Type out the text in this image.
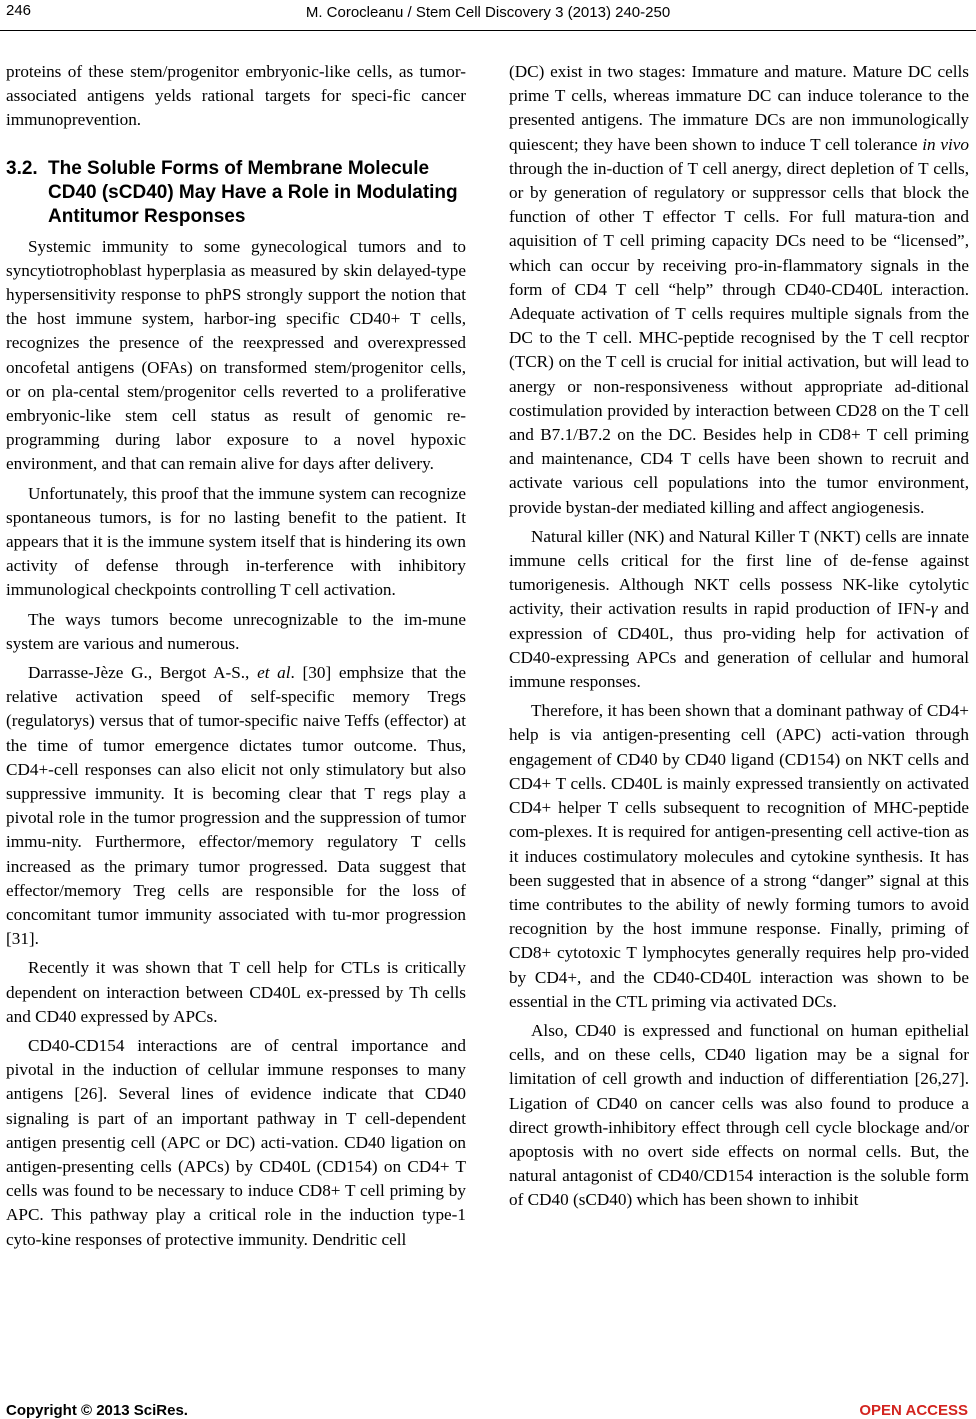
246	M. Corocleanu / Stem Cell Discovery 3 (2013) 240-250

proteins of these stem/progenitor embryonic-like cells, as tumor-associated antigens yelds rational targets for speci-fic cancer immunoprevention.

3.2. The Soluble Forms of Membrane Molecule CD40 (sCD40) May Have a Role in Modulating Antitumor Responses

Systemic immunity to some gynecological tumors and to syncytiotrophoblast hyperplasia as measured by skin delayed-type hypersensitivity response to phPS strongly support the notion that the host immune system, harbor-ing specific CD40+ T cells, recognizes the presence of the reexpressed and overexpressed oncofetal antigens (OFAs) on transformed stem/progenitor cells, or on pla-cental stem/progenitor cells reverted to a proliferative embryonic-like stem cell status as result of genomic re-programming during labor exposure to a novel hypoxic environment, and that can remain alive for days after delivery.

Unfortunately, this proof that the immune system can recognize spontaneous tumors, is for no lasting benefit to the patient. It appears that it is the immune system itself that is hindering its own activity of defense through in-terference with inhibitory immunological checkpoints controlling T cell activation.

The ways tumors become unrecognizable to the im-mune system are various and numerous.

Darrasse-Jèze G., Bergot A-S., et al. [30] emphsize that the relative activation speed of self-specific memory Tregs (regulatorys) versus that of tumor-specific naive Teffs (effector) at the time of tumor emergence dictates tumor outcome. Thus, CD4+-cell responses can also elicit not only stimulatory but also suppressive immunity. It is becoming clear that T regs play a pivotal role in the tumor progression and the suppression of tumor immu-nity. Furthermore, effector/memory regulatory T cells increased as the primary tumor progressed. Data suggest that effector/memory Treg cells are responsible for the loss of concomitant tumor immunity associated with tu-mor progression [31].

Recently it was shown that T cell help for CTLs is critically dependent on interaction between CD40L ex-pressed by Th cells and CD40 expressed by APCs.

CD40-CD154 interactions are of central importance and pivotal in the induction of cellular immune responses to many antigens [26]. Several lines of evidence indicate that CD40 signaling is part of an important pathway in T cell-dependent antigen presentig cell (APC or DC) acti-vation. CD40 ligation on antigen-presenting cells (APCs) by CD40L (CD154) on CD4+ T cells was found to be necessary to induce CD8+ T cell priming by APC. This pathway play a critical role in the induction type-1 cyto-kine responses of protective immunity. Dendritic cell

(DC) exist in two stages: Immature and mature. Mature DC cells prime T cells, whereas immature DC can induce tolerance to the presented antigens. The immature DCs are non immunologically quiescent; they have been shown to induce T cell tolerance in vivo through the in-duction of T cell anergy, direct depletion of T cells, or by generation of regulatory or suppressor cells that block the function of other T effector T cells. For full matura-tion and aquisition of T cell priming capacity DCs need to be “licensed”, which can occur by receiving pro-in-flammatory signals in the form of CD4 T cell “help” through CD40-CD40L interaction. Adequate activation of T cells requires multiple signals from the DC to the T cell. MHC-peptide recognised by the T cell recptor (TCR) on the T cell is crucial for initial activation, but will lead to anergy or non-responsiveness without appropriate ad-ditional costimulation provided by interaction between CD28 on the T cell and B7.1/B7.2 on the DC. Besides help in CD8+ T cell priming and maintenance, CD4 T cells have been shown to recruit and activate various cell populations into the tumor environment, provide bystan-der mediated killing and affect angiogenesis.

Natural killer (NK) and Natural Killer T (NKT) cells are innate immune cells critical for the first line of de-fense against tumorigenesis. Although NKT cells possess NK-like cytolytic activity, their activation results in rapid production of IFN-γ and expression of CD40L, thus pro-viding help for activation of CD40-expressing APCs and generation of cellular and humoral immune responses.

Therefore, it has been shown that a dominant pathway of CD4+ help is via antigen-presenting cell (APC) acti-vation through engagement of CD40 by CD40 ligand (CD154) on NKT cells and CD4+ T cells. CD40L is mainly expressed transiently on activated CD4+ helper T cells subsequent to recognition of MHC-peptide com-plexes. It is required for antigen-presenting cell active-tion as it induces costimulatory molecules and cytokine synthesis. It has been suggested that in absence of a strong “danger” signal at this time contributes to the ability of newly forming tumors to avoid recognition by the host immune response. Finally, priming of CD8+ cytotoxic T lymphocytes generally requires help pro-vided by CD4+, and the CD40-CD40L interaction was shown to be essential in the CTL priming via activated DCs.

Also, CD40 is expressed and functional on human epithelial cells, and on these cells, CD40 ligation may be a signal for limitation of cell growth and induction of differentiation [26,27]. Ligation of CD40 on cancer cells was also found to produce a direct growth-inhibitory effect through cell cycle blockage and/or apoptosis with no overt side effects on normal cells. But, the natural antagonist of CD40/CD154 interaction is the soluble form of CD40 (sCD40) which has been shown to inhibit

Copyright © 2013 SciRes.	OPEN ACCESS
